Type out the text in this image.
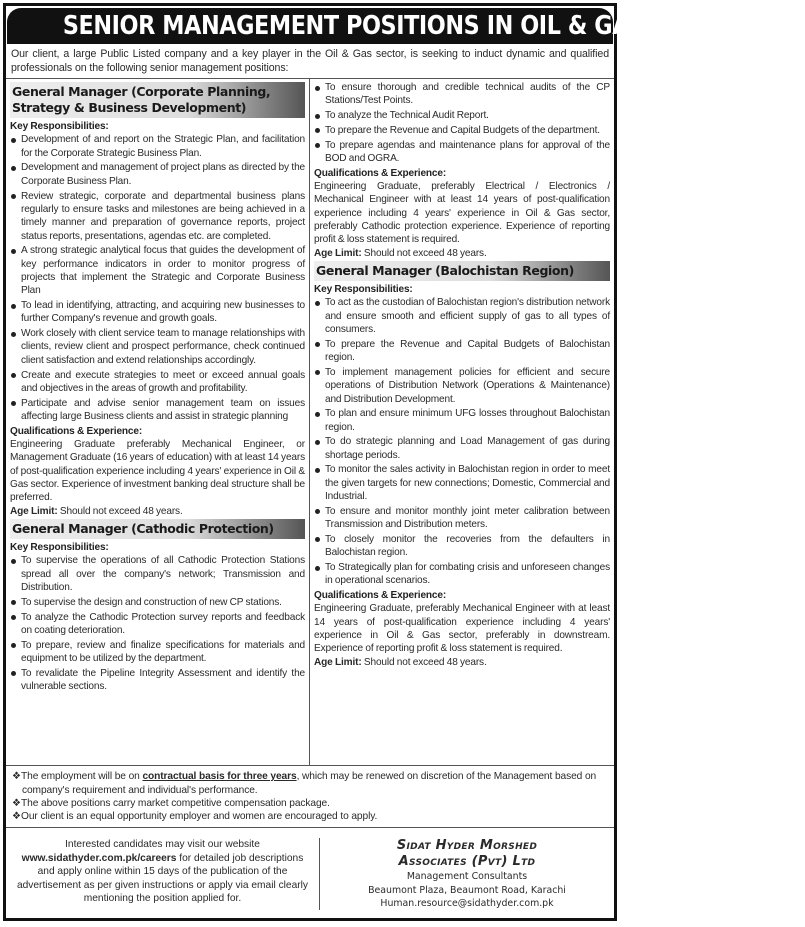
SENIOR MANAGEMENT POSITIONS IN OIL & GAS SECTOR
Our client, a large Public Listed company and a key player in the Oil & Gas sector, is seeking to induct dynamic and qualified professionals on the following senior management positions:
General Manager (Corporate Planning, Strategy & Business Development)
Key Responsibilities:
Development of and report on the Strategic Plan, and facilitation for the Corporate Strategic Business Plan.
Development and management of project plans as directed by the Corporate Business Plan.
Review strategic, corporate and departmental business plans regularly to ensure tasks and milestones are being achieved in a timely manner and preparation of governance reports, project status reports, presentations, agendas etc. are completed.
A strong strategic analytical focus that guides the development of key performance indicators in order to monitor progress of projects that implement the Strategic and Corporate Business Plan
To lead in identifying, attracting, and acquiring new businesses to further Company's revenue and growth goals.
Work closely with client service team to manage relationships with clients, review client and prospect performance, check continued client satisfaction and extend relationships accordingly.
Create and execute strategies to meet or exceed annual goals and objectives in the areas of growth and profitability.
Participate and advise senior management team on issues affecting large Business clients and assist in strategic planning
Qualifications & Experience:

Engineering Graduate preferably Mechanical Engineer, or Management Graduate (16 years of education) with at least 14 years of post-qualification experience including 4 years' experience in Oil & Gas sector. Experience of investment banking deal structure shall be preferred.

Age Limit: Should not exceed 48 years.
General Manager (Cathodic Protection)
Key Responsibilities:
To supervise the operations of all Cathodic Protection Stations spread all over the company's network; Transmission and Distribution.
To supervise the design and construction of new CP stations.
To analyze the Cathodic Protection survey reports and feedback on coating deterioration.
To prepare, review and finalize specifications for materials and equipment to be utilized by the department.
To revalidate the Pipeline Integrity Assessment and identify the vulnerable sections.
To ensure thorough and credible technical audits of the CP Stations/Test Points.
To analyze the Technical Audit Report.
To prepare the Revenue and Capital Budgets of the department.
To prepare agendas and maintenance plans for approval of the BOD and OGRA.
Qualifications & Experience:

Engineering Graduate, preferably Electrical / Electronics / Mechanical Engineer with at least 14 years of post-qualification experience including 4 years' experience in Oil & Gas sector, preferably Cathodic protection experience. Experience of reporting profit & loss statement is required.

Age Limit: Should not exceed 48 years.
General Manager (Balochistan Region)
Key Responsibilities:
To act as the custodian of Balochistan region's distribution network and ensure smooth and efficient supply of gas to all types of consumers.
To prepare the Revenue and Capital Budgets of Balochistan region.
To implement management policies for efficient and secure operations of Distribution Network (Operations & Maintenance) and Distribution Development.
To plan and ensure minimum UFG losses throughout Balochistan region.
To do strategic planning and Load Management of gas during shortage periods.
To monitor the sales activity in Balochistan region in order to meet the given targets for new connections; Domestic, Commercial and Industrial.
To ensure and monitor monthly joint meter calibration between Transmission and Distribution meters.
To closely monitor the recoveries from the defaulters in Balochistan region.
To Strategically plan for combating crisis and unforeseen changes in operational scenarios.
Qualifications & Experience:

Engineering Graduate, preferably Mechanical Engineer with at least 14 years of post-qualification experience including 4 years' experience in Oil & Gas sector, preferably in downstream. Experience of reporting profit & loss statement is required.

Age Limit: Should not exceed 48 years.
❖The employment will be on contractual basis for three years, which may be renewed on discretion of the Management based on company's requirement and individual's performance.
❖The above positions carry market competitive compensation package.
❖Our client is an equal opportunity employer and women are encouraged to apply.
Interested candidates may visit our website
www.sidathyder.com.pk/careers for detailed job descriptions and apply online within 15 days of the publication of the advertisement as per given instructions or apply via email clearly mentioning the position applied for.
Sidat Hyder Morshed
Associates (Pvt) Ltd
Management Consultants
Beaumont Plaza, Beaumont Road, Karachi
Human.resource@sidathyder.com.pk
